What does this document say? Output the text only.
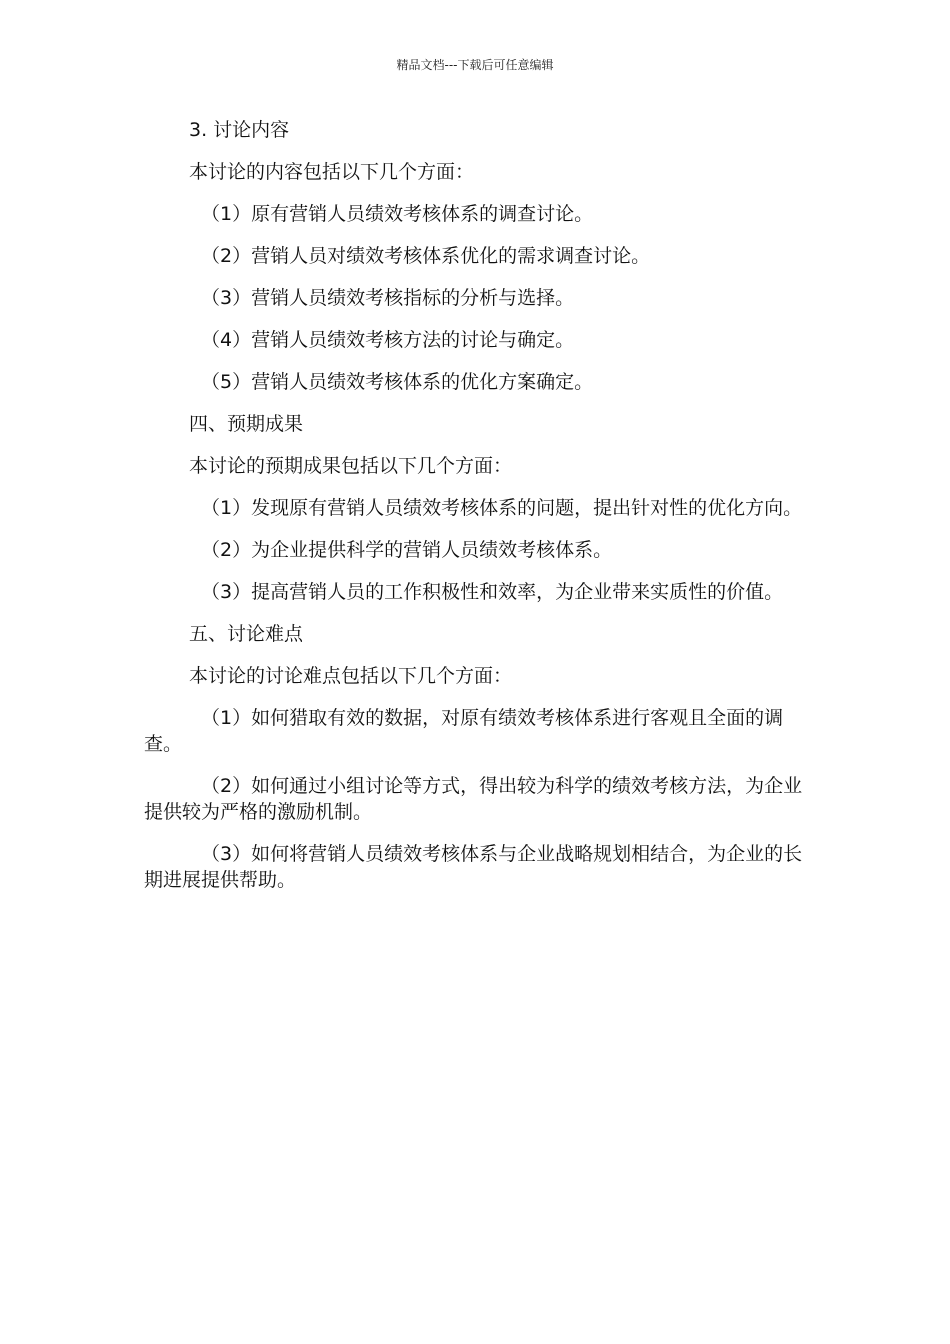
精品文档---下载后可任意编辑

3. 讨论内容

本讨论的内容包括以下几个方面：

（1）原有营销人员绩效考核体系的调查讨论。

（2）营销人员对绩效考核体系优化的需求调查讨论。

（3）营销人员绩效考核指标的分析与选择。

（4）营销人员绩效考核方法的讨论与确定。

（5）营销人员绩效考核体系的优化方案确定。

四、预期成果

本讨论的预期成果包括以下几个方面：

（1）发现原有营销人员绩效考核体系的问题，提出针对性的优化方向。

（2）为企业提供科学的营销人员绩效考核体系。

（3）提高营销人员的工作积极性和效率，为企业带来实质性的价值。

五、讨论难点

本讨论的讨论难点包括以下几个方面：

（1）如何猎取有效的数据，对原有绩效考核体系进行客观且全面的调查。

（2）如何通过小组讨论等方式，得出较为科学的绩效考核方法，为企业提供较为严格的激励机制。

（3）如何将营销人员绩效考核体系与企业战略规划相结合，为企业的长期进展提供帮助。
